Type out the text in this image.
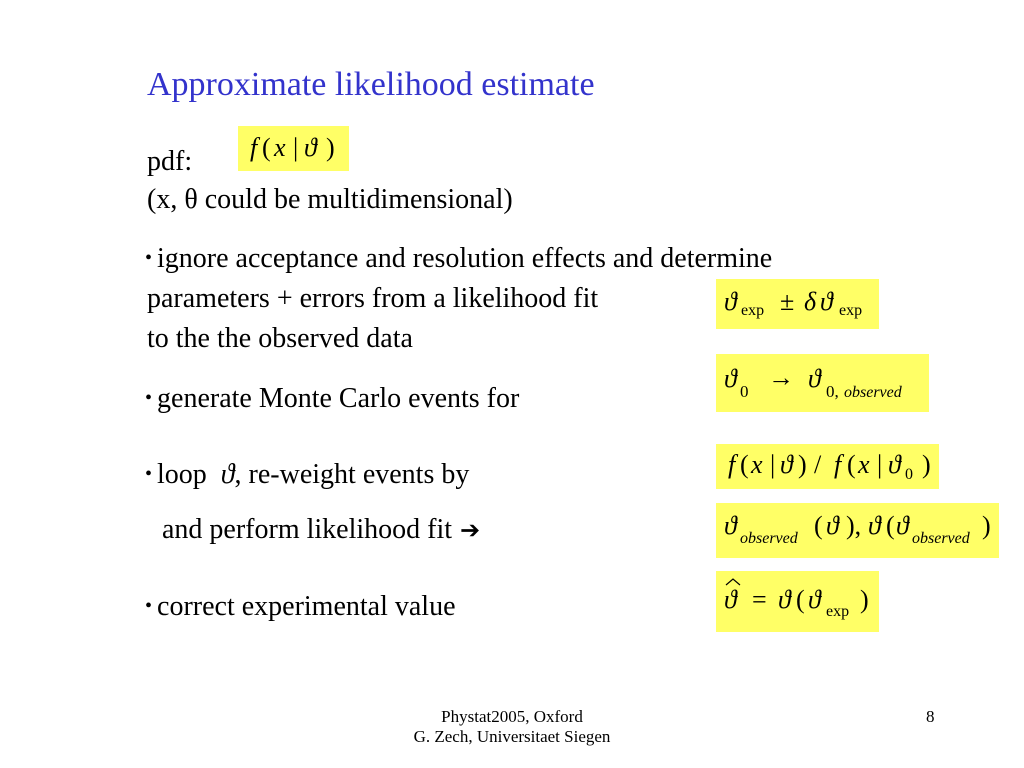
Approximate likelihood estimate
pdf:
(x, θ could be multidimensional)
f ( x | ϑ )
• ignore acceptance and resolution effects and determine
parameters + errors from a likelihood fit
to the the observed data
ϑ exp ± δ ϑ exp
• generate Monte Carlo events for
ϑ 0 → ϑ 0, observed
• loop ϑ, re-weight events by	f ( x | ϑ ) / f ( x | ϑ 0 )
and perform likelihood fit ➔	ϑ observed ( ϑ ), ϑ ( ϑ observed )
• correct experimental value	ϑ = ϑ ( ϑ exp )
Phystat2005, Oxford
G. Zech, Universitaet Siegen
8
